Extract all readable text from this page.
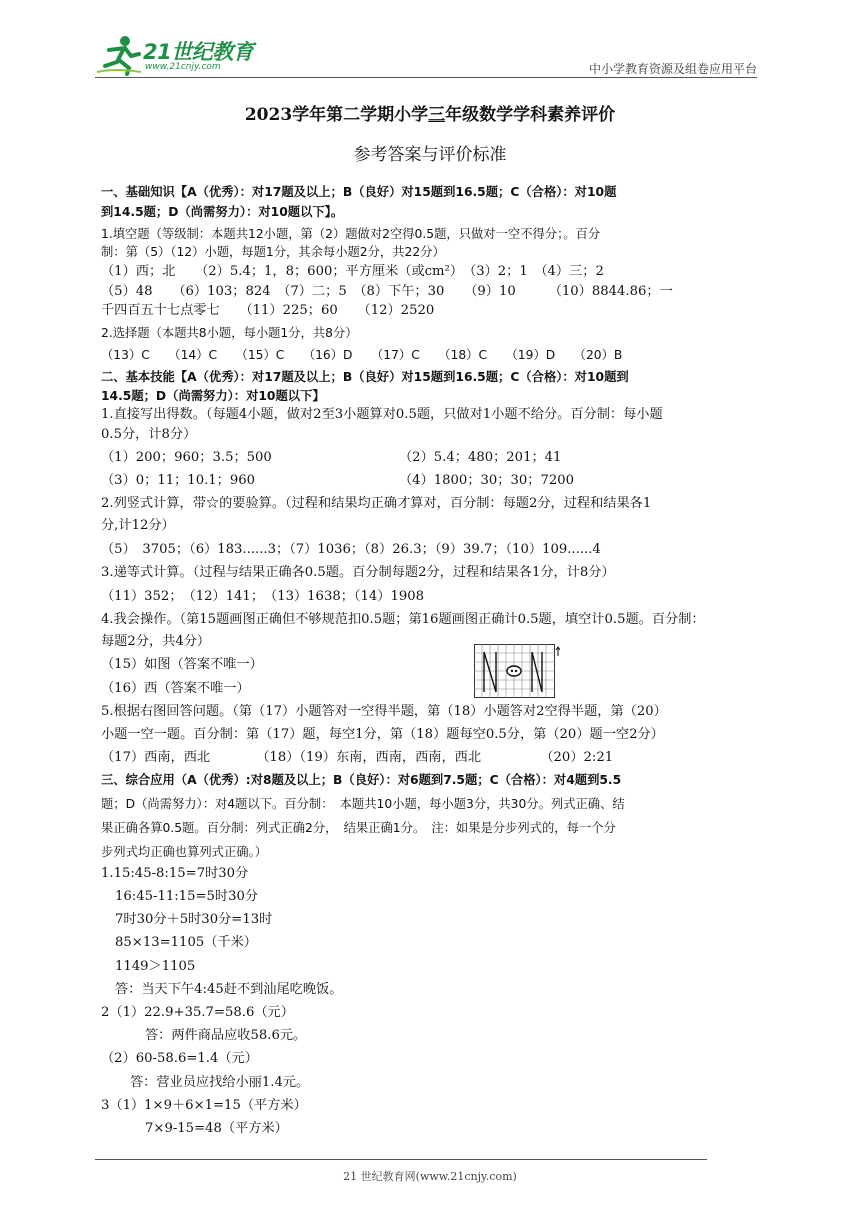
21世纪教育
www.21cnjy.com	中小学教育资源及组卷应用平台
2023学年第二学期小学三年级数学学科素养评价
参考答案与评价标准
一、基础知识【A（优秀）：对17题及以上；B（良好）对15题到16.5题；C（合格）：对10题
到14.5题；D（尚需努力）：对10题以下】。
1.填空题（等级制：本题共12小题，第（2）题做对2空得0.5题，只做对一空不得分；。百分
制：第（5）（12）小题，每题1分，其余每小题2分，共22分）
（1）西；北　　（2）5.4；1，8；600；平方厘米（或cm²）　（3）2；1　（4）三；2
（5）48　　（6）103；824　（7）二；5　（8）下午；30　　（9）10　　　（10）8844.86；一
千四百五十七点零七　　（11）225；60　　（12）2520
2.选择题（本题共8小题，每小题1分，共8分）
（13）C　　（14）C　　（15）C　　（16）D　　（17）C　　（18）C　　（19）D　　（20）B
二、基本技能【A（优秀）：对17题及以上；B（良好）对15题到16.5题；C（合格）：对10题到
14.5题；D（尚需努力）：对10题以下】
1.直接写出得数。（每题4小题，做对2至3小题算对0.5题，只做对1小题不给分。百分制：每小题
0.5分，计8分）
（1）200；960；3.5；500	（2）5.4；480；201；41
（3）0；11；10.1；960	（4）1800；30；30；7200
2.列竖式计算，带☆的要验算。（过程和结果均正确才算对，百分制：每题2分，过程和结果各1
分,计12分）
（5）　3705；（6）183......3；（7）1036；（8）26.3；（9）39.7；（10）109......4
3.递等式计算。（过程与结果正确各0.5题。百分制每题2分，过程和结果各1分，计8分）
（11）352；　（12）141；　（13）1638；（14）1908
4.我会操作。（第15题画图正确但不够规范扣0.5题；第16题画图正确计0.5题，填空计0.5题。百分制：
每题2分，共4分）
（15）如图（答案不唯一）
（16）西（答案不唯一）
5.根据右图回答问题。（第（17）小题答对一空得半题，第（18）小题答对2空得半题，第（20）
小题一空一题。百分制：第（17）题，每空1分，第（18）题每空0.5分，第（20）题一空2分）
（17）西南，西北　　　　（18）（19）东南，西南，西南，西北　　　　　（20）2:21
三、综合应用（A（优秀）:对8题及以上；B（良好）：对6题到7.5题；C（合格）：对4题到5.5
题；D（尚需努力）：对4题以下。百分制：　本题共10小题，每小题3分，共30分。列式正确、结
果正确各算0.5题。百分制：列式正确2分，　结果正确1分。　注：如果是分步列式的，每一个分
步列式均正确也算列式正确。）
1.15:45-8:15=7时30分
16:45-11:15=5时30分
7时30分＋5时30分=13时
85×13=1105（千米）
1149＞1105
答：当天下午4:45赶不到汕尾吃晚饭。
2（1）22.9+35.7=58.6（元）
答：两件商品应收58.6元。
（2）60-58.6=1.4（元）
答：营业员应找给小丽1.4元。
3（1）1×9＋6×1=15（平方米）
7×9-15=48（平方米）
21 世纪教育网(www.21cnjy.com)
